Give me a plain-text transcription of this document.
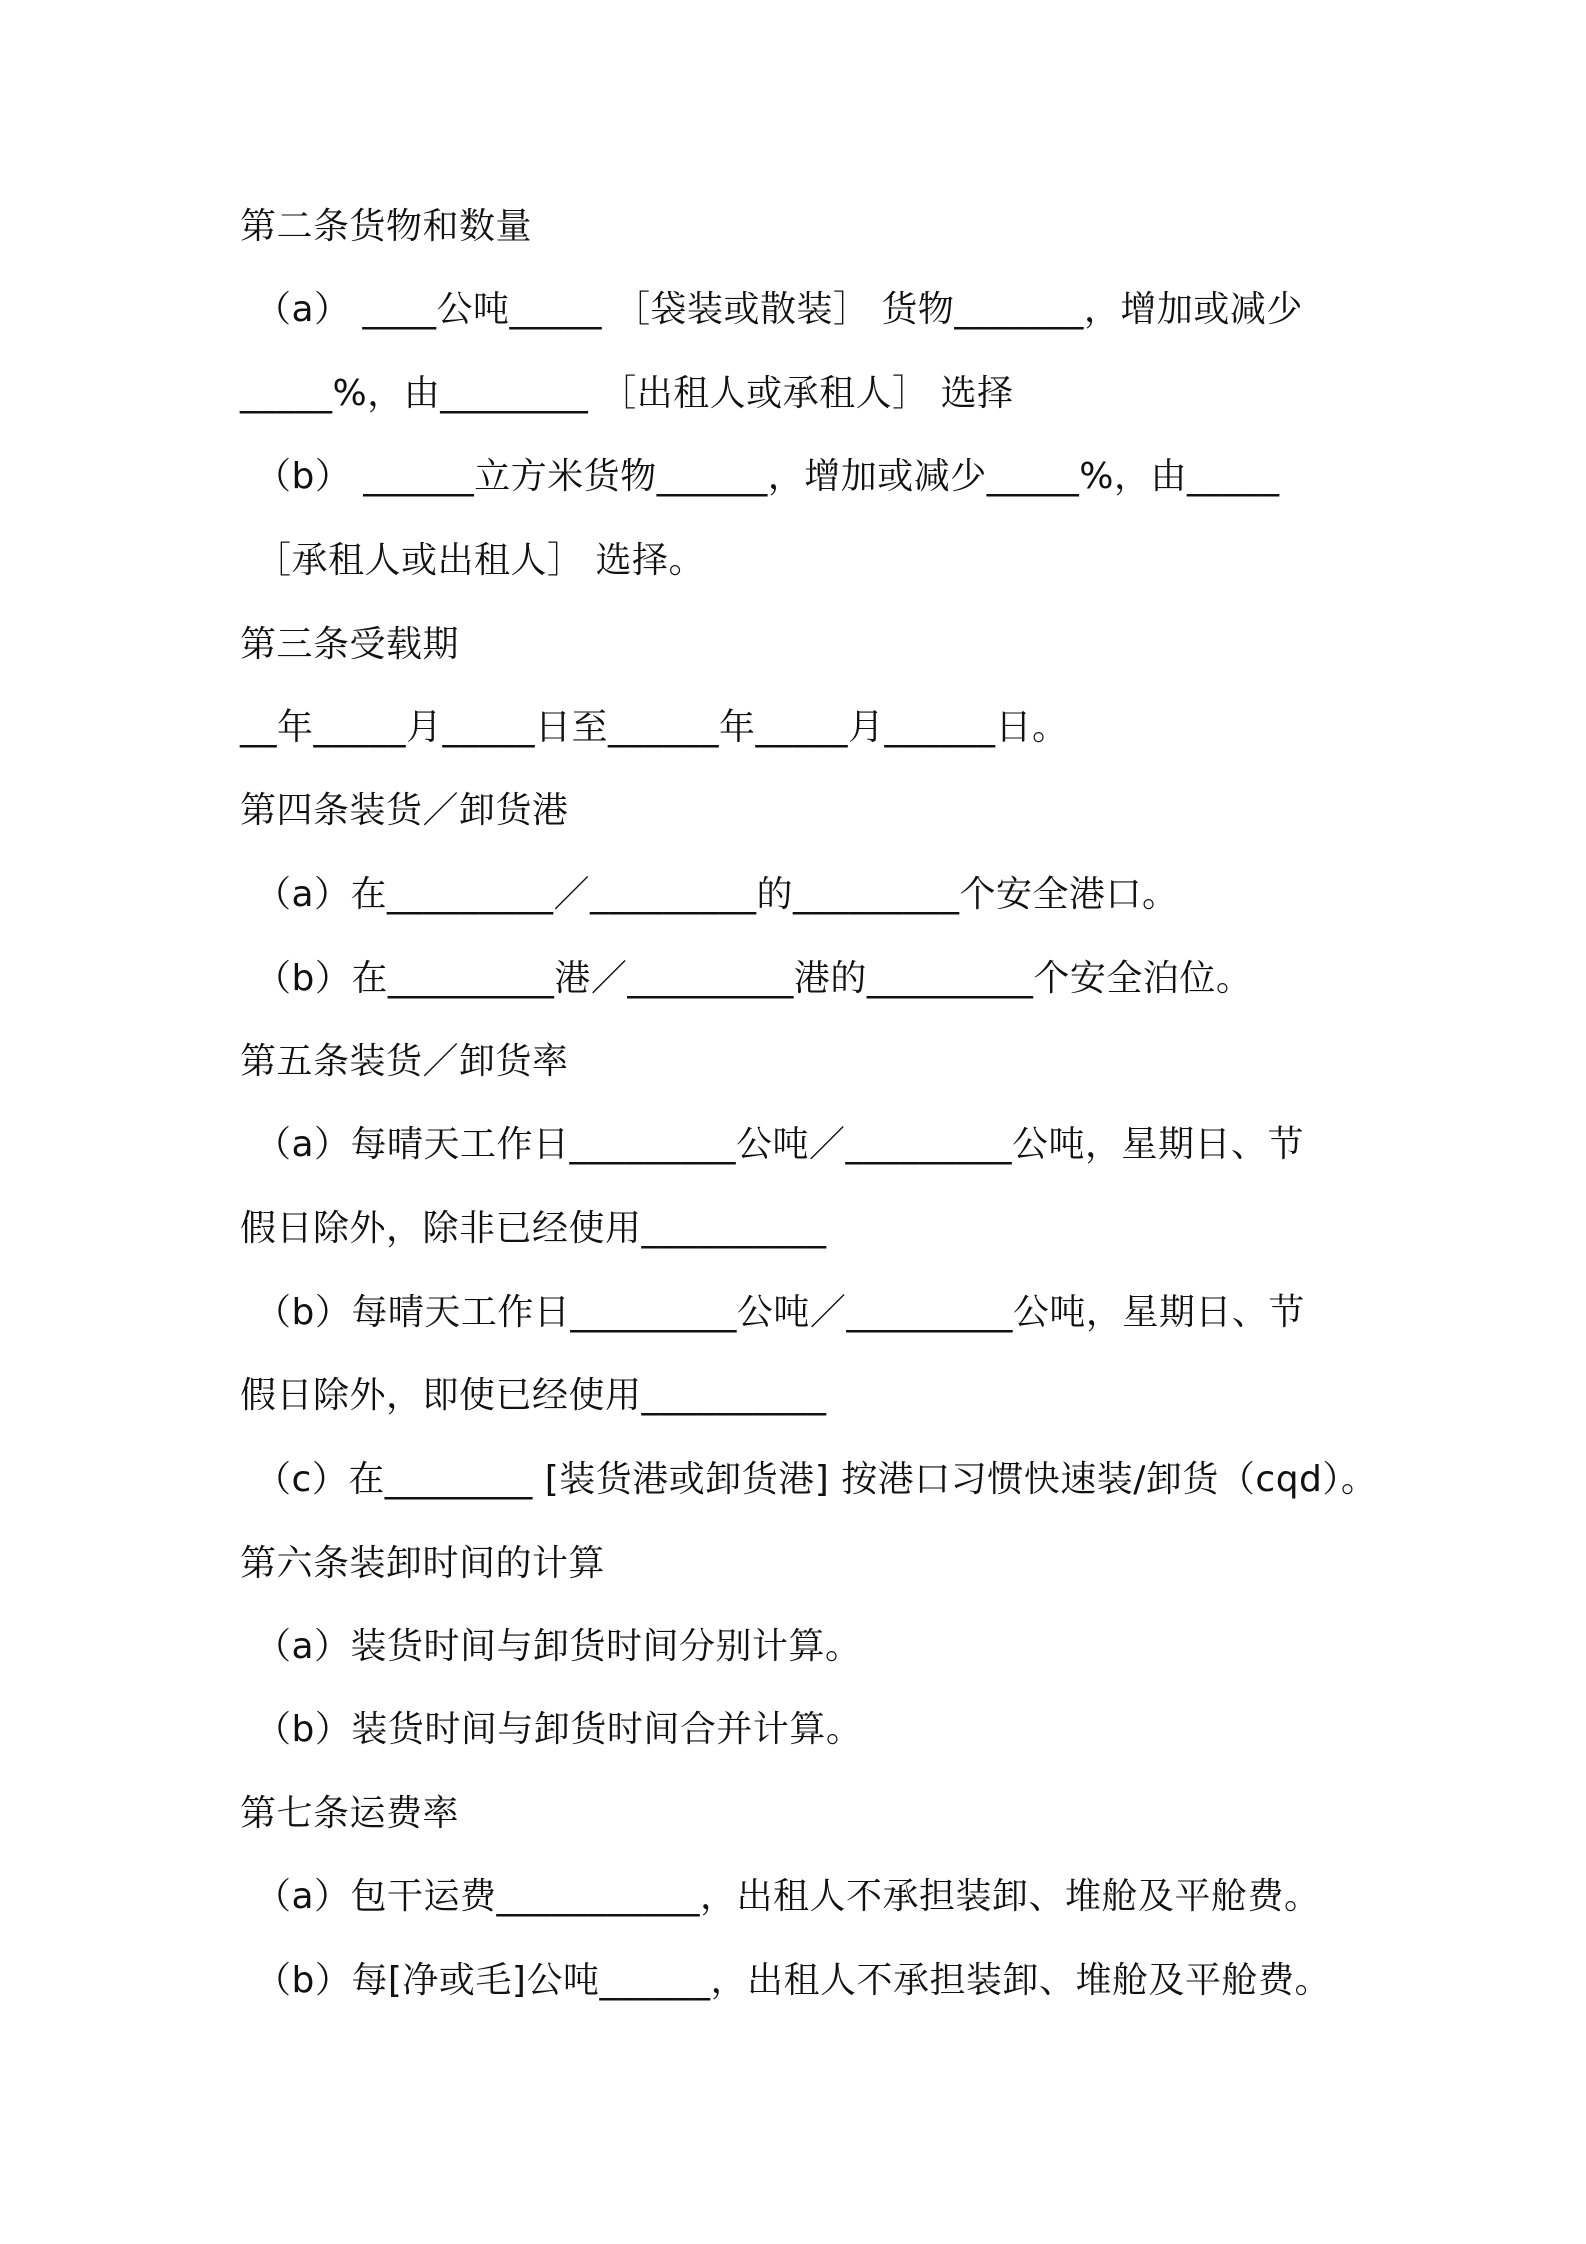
第二条货物和数量
（a） ____公吨_____ ［袋装或散装］ 货物_______，增加或减少
_____%，由________ ［出租人或承租人］ 选择
（b） ______立方米货物______，增加或减少_____%，由_____
［承租人或出租人］ 选择。
第三条受载期
__年_____月_____日至______年_____月______日。
第四条装货／卸货港
（a）在_________／_________的_________个安全港口。
（b）在_________港／_________港的_________个安全泊位。
第五条装货／卸货率
（a）每晴天工作日_________公吨／_________公吨，星期日、节
假日除外，除非已经使用__________
（b）每晴天工作日_________公吨／_________公吨，星期日、节
假日除外，即使已经使用__________
（c）在________ [装货港或卸货港] 按港口习惯快速装/卸货（cqd）。
第六条装卸时间的计算
（a）装货时间与卸货时间分别计算。
（b）装货时间与卸货时间合并计算。
第七条运费率
（a）包干运费___________，出租人不承担装卸、堆舱及平舱费。
（b）每[净或毛]公吨______，出租人不承担装卸、堆舱及平舱费。
